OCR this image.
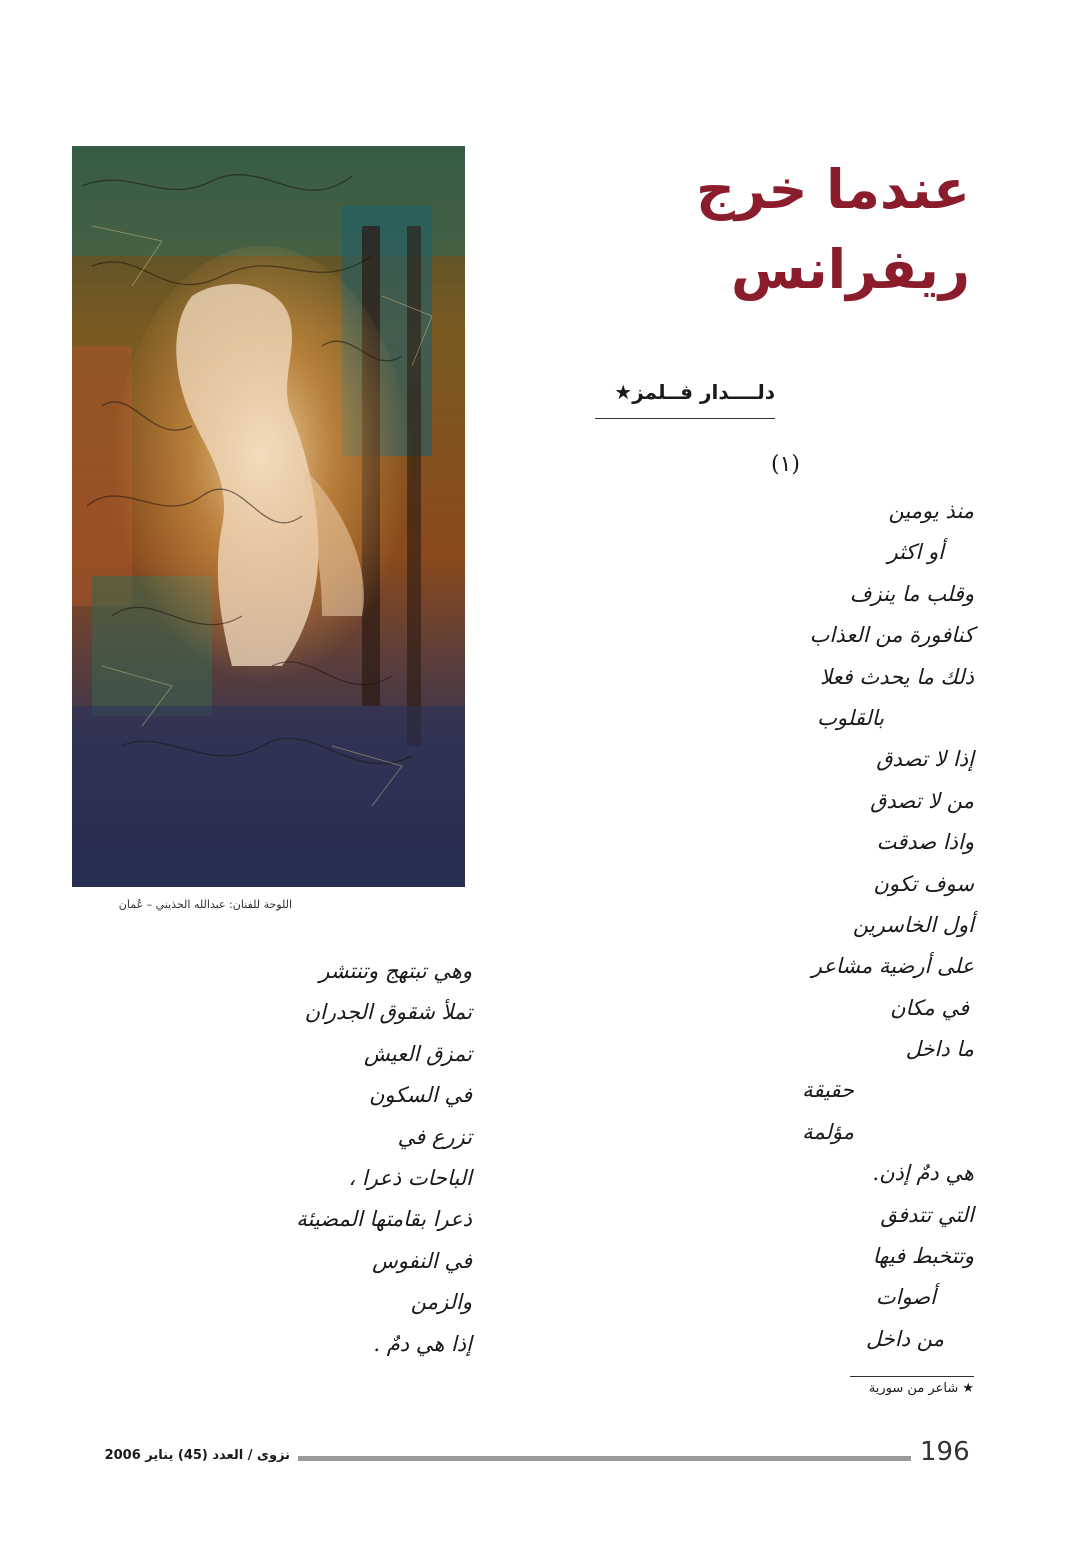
عندما خرج ريفرانس
دلــــدار فــلمز★
(١)
منذ يومين
أو اكثر
وقلب ما ينزف
كنافورة من العذاب
ذلك ما يحدث فعلا
بالقلوب
إذا لا تصدق
من لا تصدق
واذا صدقت
سوف تكون
أول الخاسرين
على أرضية مشاعر
في مكان
ما داخل
حقيقة
مؤلمة
هي دمٌ إذن.
التي تتدفق
وتتخبط فيها
أصوات
من داخل
وهي تبتهج وتنتشر
تملأ شقوق الجدران
تمزق العيش
في السكون
تزرع في
الباحات ذعرا ،
ذعرا بقامتها المضيئة
في النفوس
والزمن
إذا هي دمٌ .
★ شاعر من سورية
اللوحة للفنان: عبدالله الحذيني – عُمان
196
نزوى / العدد (45) يناير 2006
